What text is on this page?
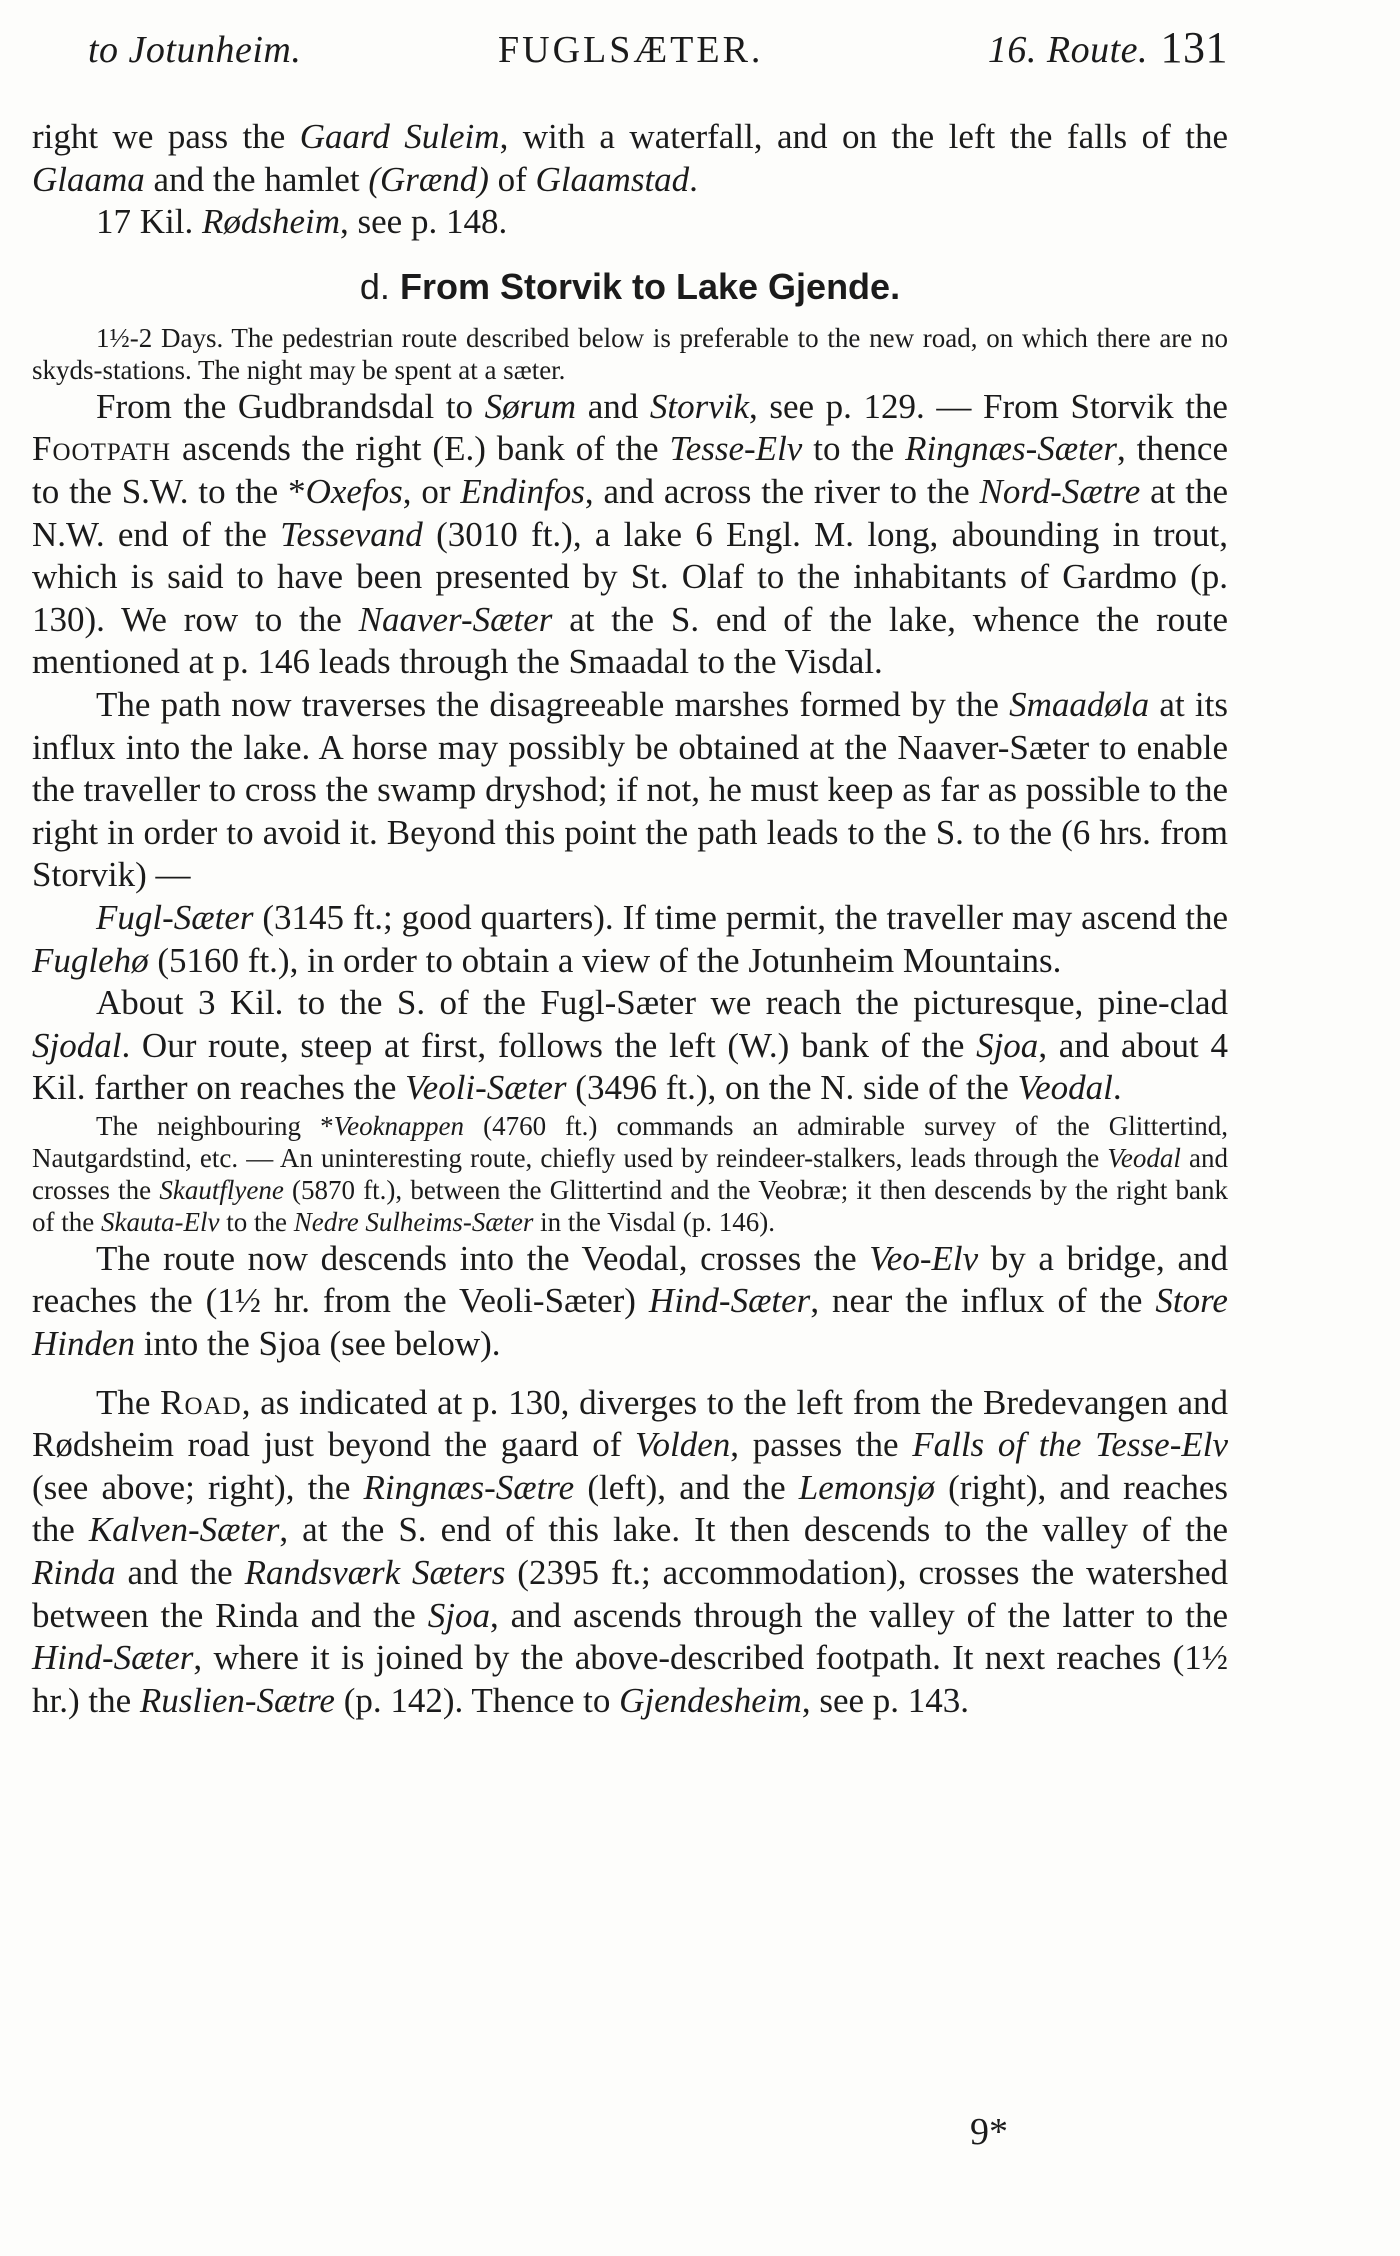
to Jotunheim.	FUGLSÆTER.	16. Route. 131

right we pass the Gaard Suleim, with a waterfall, and on the left the falls of the Glaama and the hamlet (Grænd) of Glaamstad.

17 Kil. Rødsheim, see p. 148.

d. From Storvik to Lake Gjende.

1½-2 Days. The pedestrian route described below is preferable to the new road, on which there are no skyds-stations. The night may be spent at a sæter.

From the Gudbrandsdal to Sørum and Storvik, see p. 129. — From Storvik the Footpath ascends the right (E.) bank of the Tesse-Elv to the Ringnæs-Sæter, thence to the S.W. to the *Oxefos, or Endinfos, and across the river to the Nord-Sætre at the N.W. end of the Tessevand (3010 ft.), a lake 6 Engl. M. long, abounding in trout, which is said to have been presented by St. Olaf to the inhabitants of Gardmo (p. 130). We row to the Naaver-Sæter at the S. end of the lake, whence the route mentioned at p. 146 leads through the Smaadal to the Visdal.

The path now traverses the disagreeable marshes formed by the Smaadøla at its influx into the lake. A horse may possibly be obtained at the Naaver-Sæter to enable the traveller to cross the swamp dryshod; if not, he must keep as far as possible to the right in order to avoid it. Beyond this point the path leads to the S. to the (6 hrs. from Storvik) —

Fugl-Sæter (3145 ft.; good quarters). If time permit, the traveller may ascend the Fuglehø (5160 ft.), in order to obtain a view of the Jotunheim Mountains.

About 3 Kil. to the S. of the Fugl-Sæter we reach the picturesque, pine-clad Sjodal. Our route, steep at first, follows the left (W.) bank of the Sjoa, and about 4 Kil. farther on reaches the Veoli-Sæter (3496 ft.), on the N. side of the Veodal.

The neighbouring *Veoknappen (4760 ft.) commands an admirable survey of the Glittertind, Nautgardstind, etc. — An uninteresting route, chiefly used by reindeer-stalkers, leads through the Veodal and crosses the Skautflyene (5870 ft.), between the Glittertind and the Veobræ; it then descends by the right bank of the Skauta-Elv to the Nedre Sulheims-Sæter in the Visdal (p. 146).

The route now descends into the Veodal, crosses the Veo-Elv by a bridge, and reaches the (1½ hr. from the Veoli-Sæter) Hind-Sæter, near the influx of the Store Hinden into the Sjoa (see below).

The Road, as indicated at p. 130, diverges to the left from the Bredevangen and Rødsheim road just beyond the gaard of Volden, passes the Falls of the Tesse-Elv (see above; right), the Ringnæs-Sætre (left), and the Lemonsjø (right), and reaches the Kalven-Sæter, at the S. end of this lake. It then descends to the valley of the Rinda and the Randsværk Sæters (2395 ft.; accommodation), crosses the watershed between the Rinda and the Sjoa, and ascends through the valley of the latter to the Hind-Sæter, where it is joined by the above-described footpath. It next reaches (1½ hr.) the Ruslien-Sætre (p. 142). Thence to Gjendesheim, see p. 143.

9*
